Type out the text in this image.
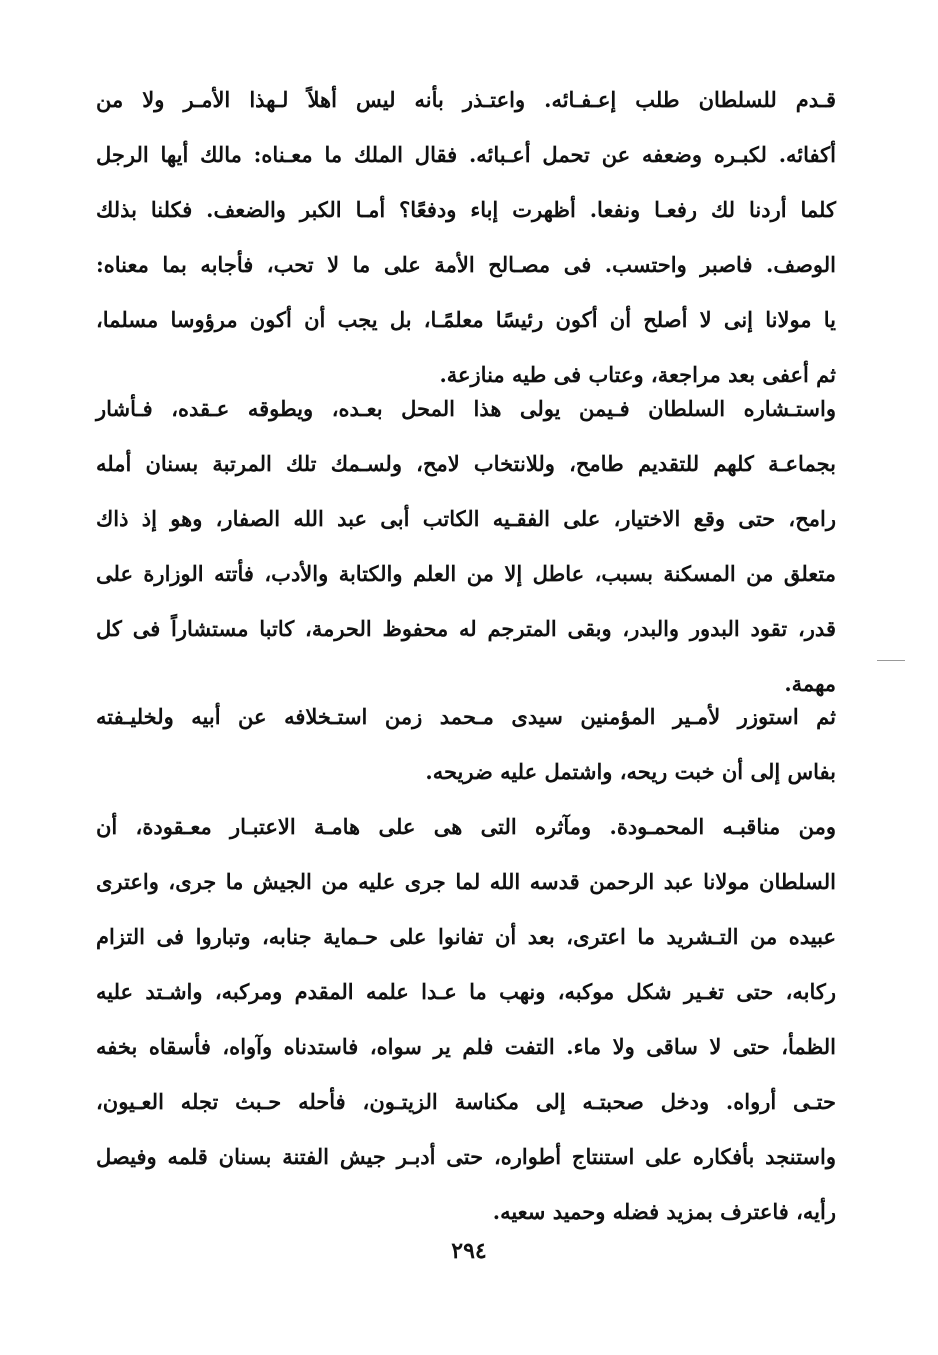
قـدم للسلطان طلب إعـفـائه. واعتـذر بأنه ليس أهلاً لـهذا الأمـر ولا من
أكفائه. لكبـره وضعفه عن تحمل أعـبائه. فقال الملك ما معـناه: مالك أيها الرجل
كلما أردنا لك رفعـا ونفعا. أظهرت إباء ودفعًا؟ أمـا الكبر والضعف. فكلنا بذلك
الوصف. فاصبر واحتسب. فى مصـالح الأمة على ما لا تحب، فأجابه بما معناه:
يا مولانا إنى لا أصلح أن أكون رئيسًا معلمًـا، بل يجب أن أكون مرؤوسا مسلما،
ثم أعفى بعد مراجعة، وعتاب فى طيه منازعة.
واستـشاره السلطان فـيمن يولى هذا المحل بعـده، ويطوقه عـقده، فـأشار
بجماعـة كلهم للتقديم طامح، وللانتخاب لامح، ولسـمك تلك المرتبة بسنان أمله
رامح، حتى وقع الاختيار، على الفقـيه الكاتب أبى عبد الله الصفار، وهو إذ ذاك
متعلق من المسكنة بسبب، عاطل إلا من العلم والكتابة والأدب، فأتته الوزارة على
قدر، تقود البدور والبدر، وبقى المترجم له محفوظ الحرمة، كاتبا مستشاراً فى كل
مهمة.
ثم استوزر لأمـير المؤمنين سيدى مـحمد زمن استـخلافه عن أبيه ولخليـفته
بفاس إلى أن خبت ريحه، واشتمل عليه ضريحه.
ومن مناقبـه المحمـودة. ومآثره التى هى على هامـة الاعتبـار معـقودة، أن
السلطان مولانا عبد الرحمن قدسه الله لما جرى عليه من الجيش ما جرى، واعترى
عبيده من التـشريد ما اعترى، بعد أن تفانوا على حـماية جنابه، وتباروا فى التزام
ركابه، حتى تغـير شكل موكبه، ونهب ما عـدا علمه المقدم ومركبه، واشـتد عليه
الظمأ، حتى لا ساقى ولا ماء. التفت فلم ير سواه، فاستدناه وآواه، فأسقاه بخفه
حتـى أرواه. ودخل صحبتـه إلى مكناسة الزيتـون، فأحله حـبث تجله العـيون،
واستنجد بأفكاره على استنتاج أطواره، حتى أدبـر جيش الفتنة بسنان قلمه وفيصل
رأيه، فاعترف بمزيد فضله وحميد سعيه.
٢٩٤
